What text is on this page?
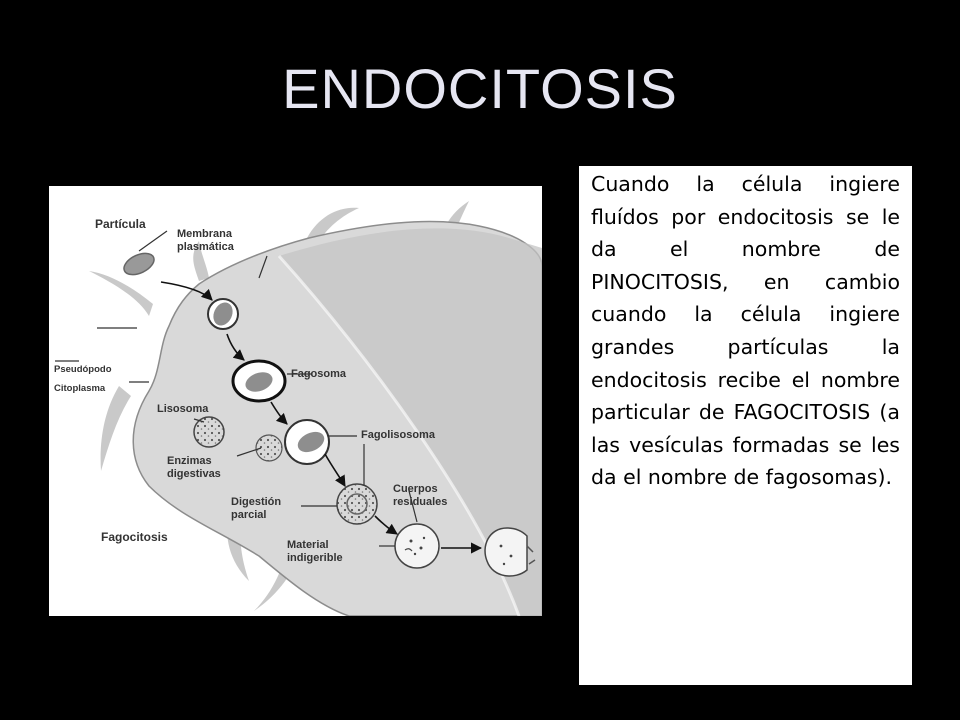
ENDOCITOSIS
Partícula
Membrana
plasmática
Pseudópodo
Citoplasma
Fagosoma
Lisosoma
Fagolisosoma
Enzimas
digestivas
Digestión
parcial
Cuerpos
residuales
Material
indigerible
Fagocitosis

Cuando la célula ingiere fluídos por endocitosis se le da el nombre de PINOCITOSIS, en cambio cuando la célula ingiere grandes partículas la endocitosis recibe el nombre particular de FAGOCITOSIS (a las vesículas formadas se les da el nombre de fagosomas).
